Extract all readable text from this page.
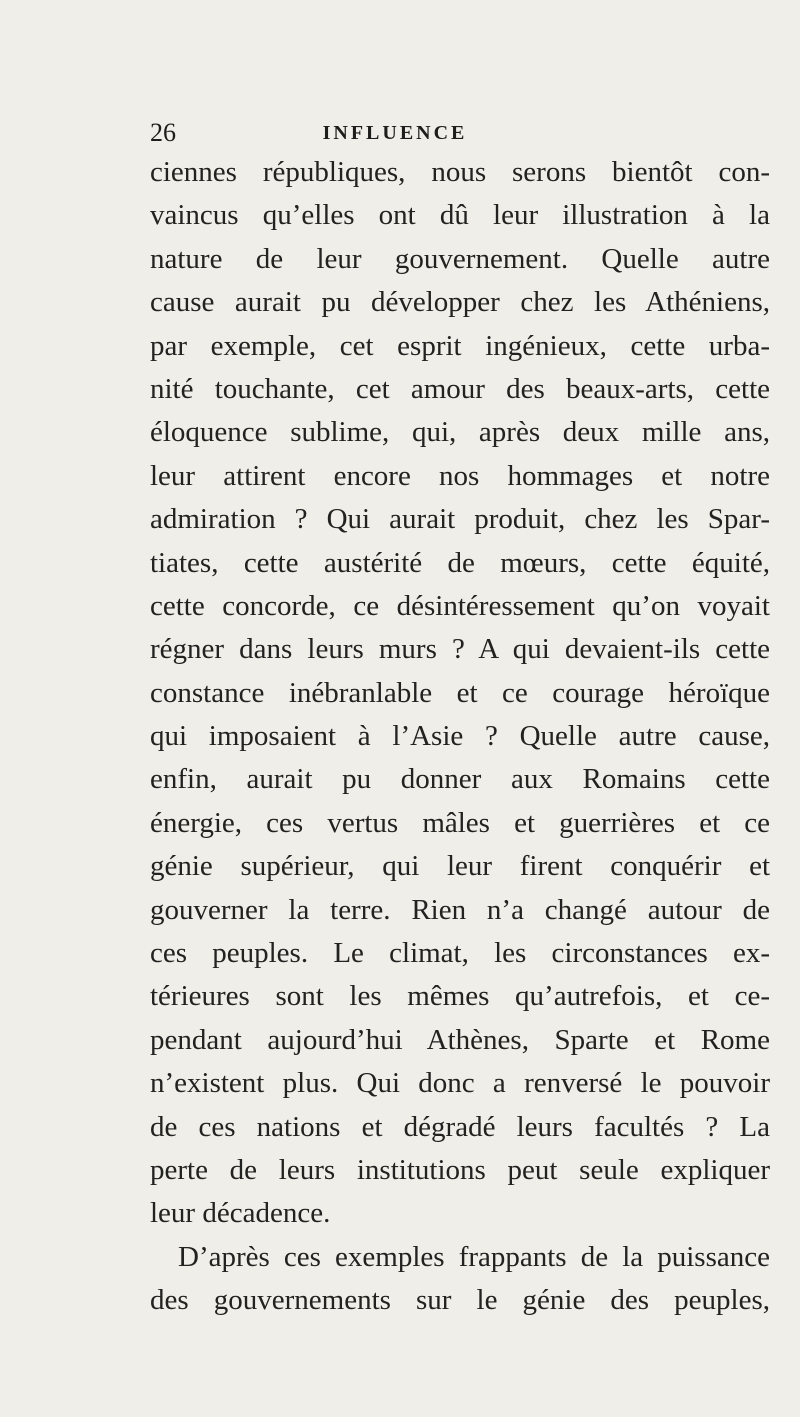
26	INFLUENCE
ciennes républiques, nous serons bientôt con-
vaincus qu’elles ont dû leur illustration à la
nature de leur gouvernement. Quelle autre
cause aurait pu développer chez les Athéniens,
par exemple, cet esprit ingénieux, cette urba-
nité touchante, cet amour des beaux-arts, cette
éloquence sublime, qui, après deux mille ans,
leur attirent encore nos hommages et notre
admiration ? Qui aurait produit, chez les Spar-
tiates, cette austérité de mœurs, cette équité,
cette concorde, ce désintéressement qu’on voyait
régner dans leurs murs ? A qui devaient-ils cette
constance inébranlable et ce courage héroïque
qui imposaient à l’Asie ? Quelle autre cause,
enfin, aurait pu donner aux Romains cette
énergie, ces vertus mâles et guerrières et ce
génie supérieur, qui leur firent conquérir et
gouverner la terre. Rien n’a changé autour de
ces peuples. Le climat, les circonstances ex-
térieures sont les mêmes qu’autrefois, et ce-
pendant aujourd’hui Athènes, Sparte et Rome
n’existent plus. Qui donc a renversé le pouvoir
de ces nations et dégradé leurs facultés ? La
perte de leurs institutions peut seule expliquer
leur décadence.
D’après ces exemples frappants de la puissance
des gouvernements sur le génie des peuples,
